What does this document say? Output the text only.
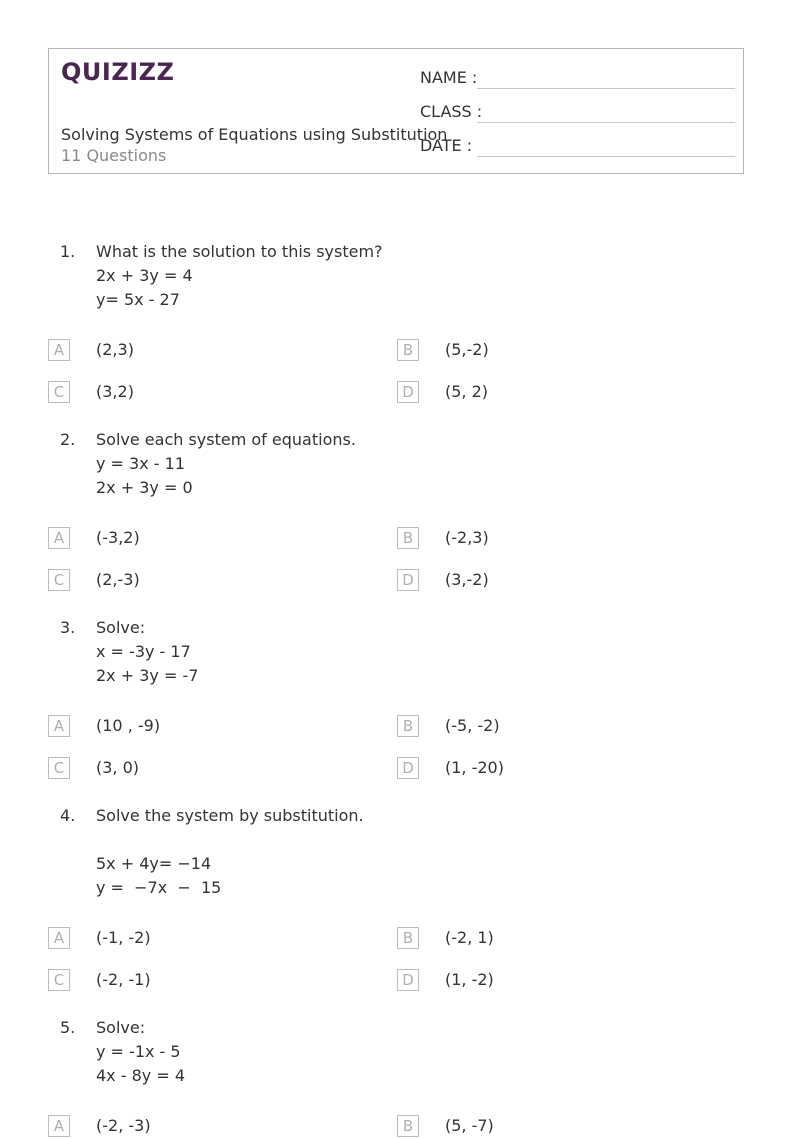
QUIZIZZ
Solving Systems of Equations using Substitution
11 Questions
NAME :
CLASS :
DATE :
1. What is the solution to this system?
2x + 3y = 4
y= 5x - 27
A	(2,3)	B	(5,-2)
C	(3,2)	D	(5, 2)
2. Solve each system of equations.
y = 3x - 11
2x + 3y = 0
A	(-3,2)	B	(-2,3)
C	(2,-3)	D	(3,-2)
3. Solve:
x = -3y - 17
2x + 3y = -7
A	(10 , -9)	B	(-5, -2)
C	(3, 0)	D	(1, -20)
4. Solve the system by substitution.
5x + 4y= −14
y =  −7x  −  15
A	(-1, -2)	B	(-2, 1)
C	(-2, -1)	D	(1, -2)
5. Solve:
y = -1x - 5
4x - 8y = 4
A	(-2, -3)	B	(5, -7)
